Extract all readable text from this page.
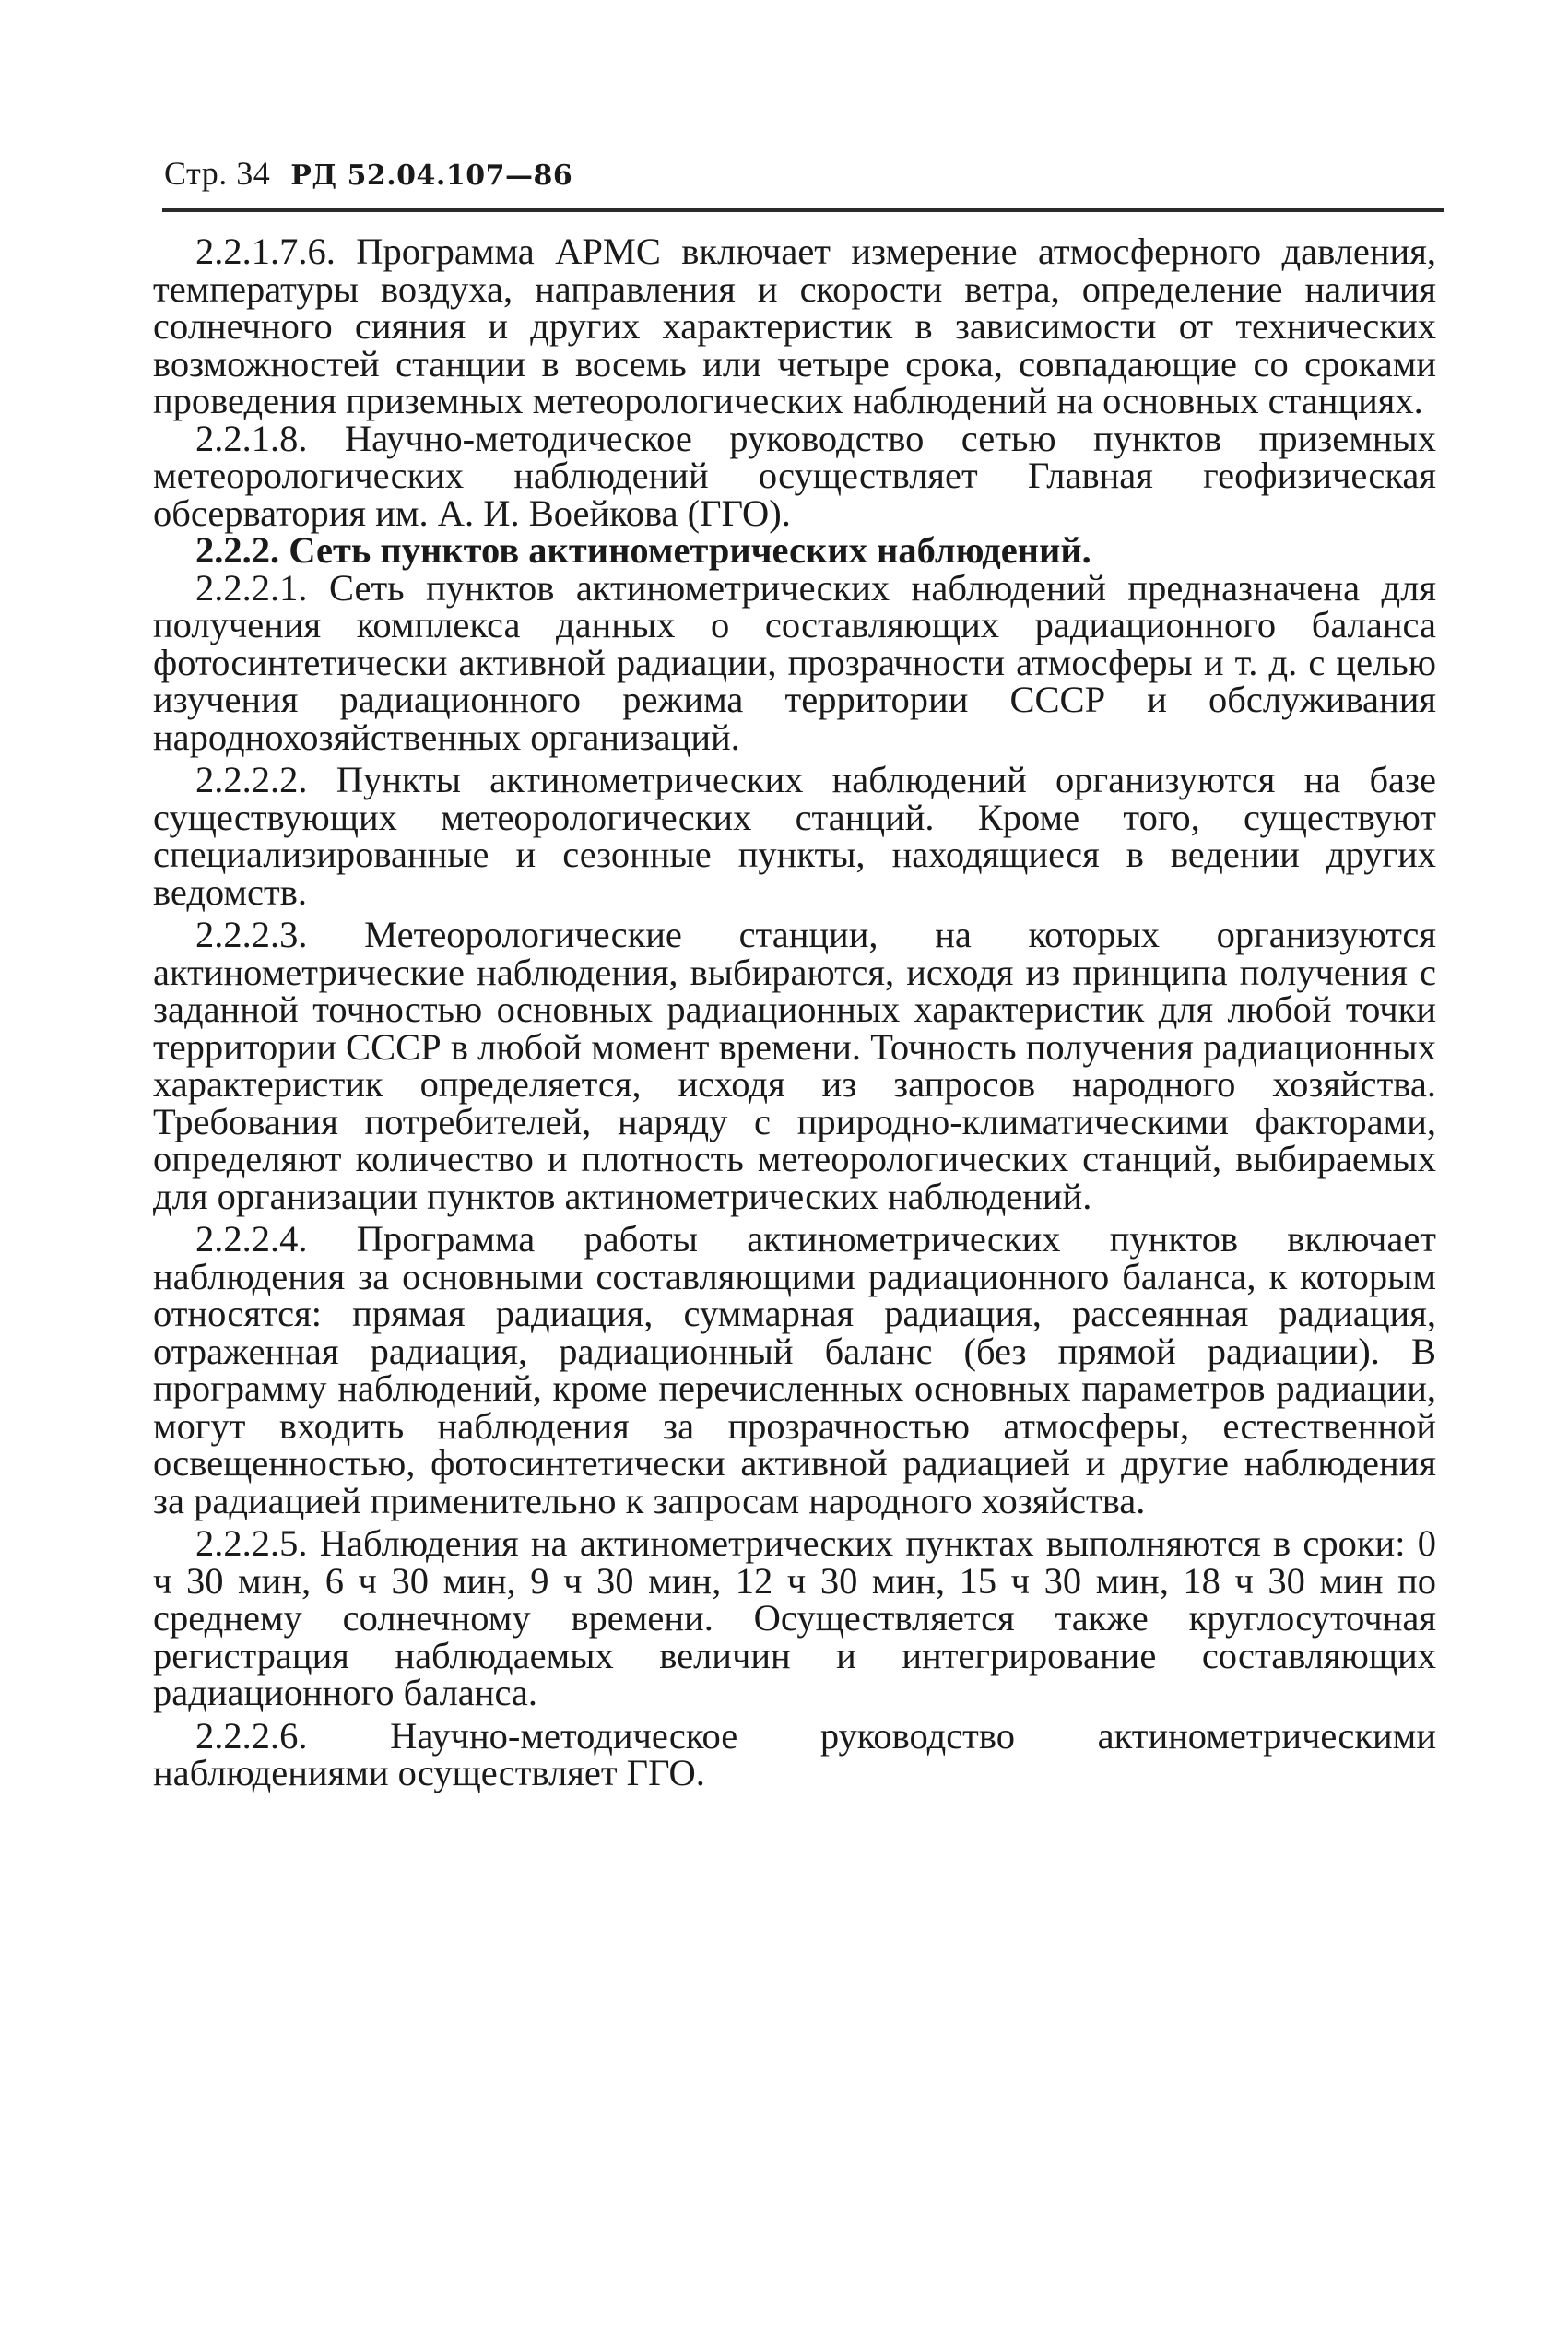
Стр. 34 РД 52.04.107—86

2.2.1.7.6. Программа АРМС включает измерение атмосферного давления, температуры воздуха, направления и скорости ветра, определение наличия солнечного сияния и других характеристик в зависимости от технических возможностей станции в восемь или четыре срока, совпадающие со сроками проведения приземных метеорологических наблюдений на основных станциях.

2.2.1.8. Научно-методическое руководство сетью пунктов приземных метеорологических наблюдений осуществляет Главная геофизическая обсерватория им. А. И. Воейкова (ГГО).

2.2.2. Сеть пунктов актинометрических наблюдений.

2.2.2.1. Сеть пунктов актинометрических наблюдений предназначена для получения комплекса данных о составляющих радиационного баланса фотосинтетически активной радиации, прозрачности атмосферы и т. д. с целью изучения радиационного режима территории СССР и обслуживания народнохозяйственных организаций.

2.2.2.2. Пункты актинометрических наблюдений организуются на базе существующих метеорологических станций. Кроме того, существуют специализированные и сезонные пункты, находящиеся в ведении других ведомств.

2.2.2.3. Метеорологические станции, на которых организуются актинометрические наблюдения, выбираются, исходя из принципа получения с заданной точностью основных радиационных характеристик для любой точки территории СССР в любой момент времени. Точность получения радиационных характеристик определяется, исходя из запросов народного хозяйства. Требования потребителей, наряду с природно-климатическими факторами, определяют количество и плотность метеорологических станций, выбираемых для организации пунктов актинометрических наблюдений.

2.2.2.4. Программа работы актинометрических пунктов включает наблюдения за основными составляющими радиационного баланса, к которым относятся: прямая радиация, суммарная радиация, рассеянная радиация, отраженная радиация, радиационный баланс (без прямой радиации). В программу наблюдений, кроме перечисленных основных параметров радиации, могут входить наблюдения за прозрачностью атмосферы, естественной освещенностью, фотосинтетически активной радиацией и другие наблюдения за радиацией применительно к запросам народного хозяйства.

2.2.2.5. Наблюдения на актинометрических пунктах выполняются в сроки: 0 ч 30 мин, 6 ч 30 мин, 9 ч 30 мин, 12 ч 30 мин, 15 ч 30 мин, 18 ч 30 мин по среднему солнечному времени. Осуществляется также круглосуточная регистрация наблюдаемых величин и интегрирование составляющих радиационного баланса.

2.2.2.6. Научно-методическое руководство актинометрическими наблюдениями осуществляет ГГО.
